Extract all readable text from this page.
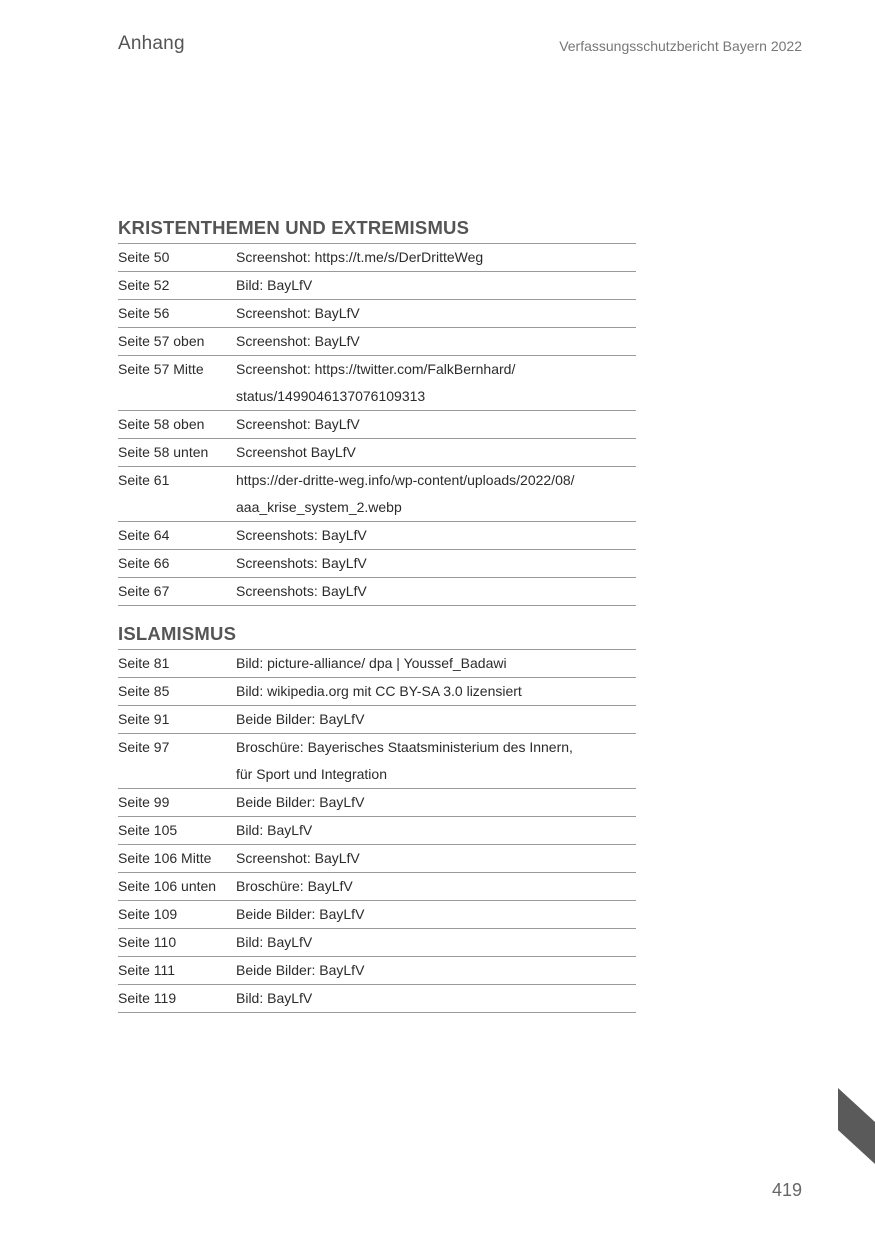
Anhang	Verfassungsschutzbericht Bayern 2022
KRISTENTHEMEN UND EXTREMISMUS
Seite 50	Screenshot: https://t.me/s/DerDritteWeg
Seite 52	Bild: BayLfV
Seite 56	Screenshot: BayLfV
Seite 57 oben	Screenshot: BayLfV
Seite 57 Mitte	Screenshot: https://twitter.com/FalkBernhard/
status/1499046137076109313
Seite 58 oben	Screenshot: BayLfV
Seite 58 unten	Screenshot BayLfV
Seite 61	https://der-dritte-weg.info/wp-content/uploads/2022/08/
aaa_krise_system_2.webp
Seite 64	Screenshots: BayLfV
Seite 66	Screenshots: BayLfV
Seite 67	Screenshots: BayLfV
ISLAMISMUS
Seite 81	Bild: picture-alliance/ dpa | Youssef_Badawi
Seite 85	Bild: wikipedia.org mit CC BY-SA 3.0 lizensiert
Seite 91	Beide Bilder: BayLfV
Seite 97	Broschüre: Bayerisches Staatsministerium des Innern,
für Sport und Integration
Seite 99	Beide Bilder: BayLfV
Seite 105	Bild: BayLfV
Seite 106 Mitte	Screenshot: BayLfV
Seite 106 unten	Broschüre: BayLfV
Seite 109	Beide Bilder: BayLfV
Seite 110	Bild: BayLfV
Seite 111	Beide Bilder: BayLfV
Seite 119	Bild: BayLfV
419
